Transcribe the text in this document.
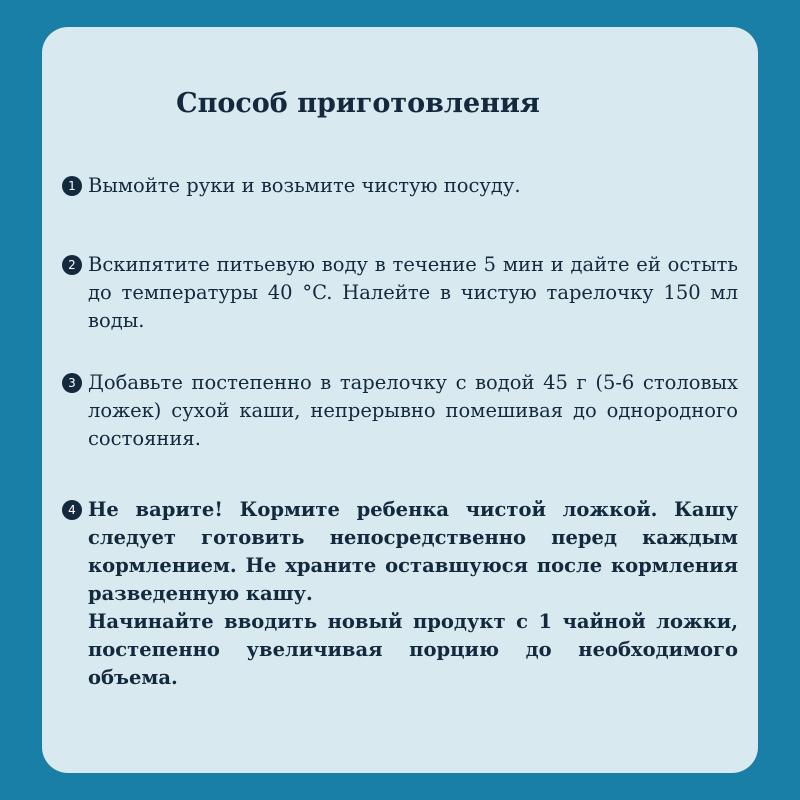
Способ приготовления
1 Вымойте руки и возьмите чистую посуду.
2 Вскипятите питьевую воду в течение 5 мин и дайте ей остыть до температуры 40 °C. Налейте в чистую тарелочку 150 мл воды.
3 Добавьте постепенно в тарелочку с водой 45 г (5-6 столовых ложек) сухой каши, непрерывно помешивая до однородного состояния.
4 Не варите! Кормите ребенка чистой ложкой. Кашу следует готовить непосредственно перед каждым кормлением. Не храните оставшуюся после кормления разведенную кашу.
Начинайте вводить новый продукт с 1 чайной ложки, постепенно увеличивая порцию до необходимого объема.
